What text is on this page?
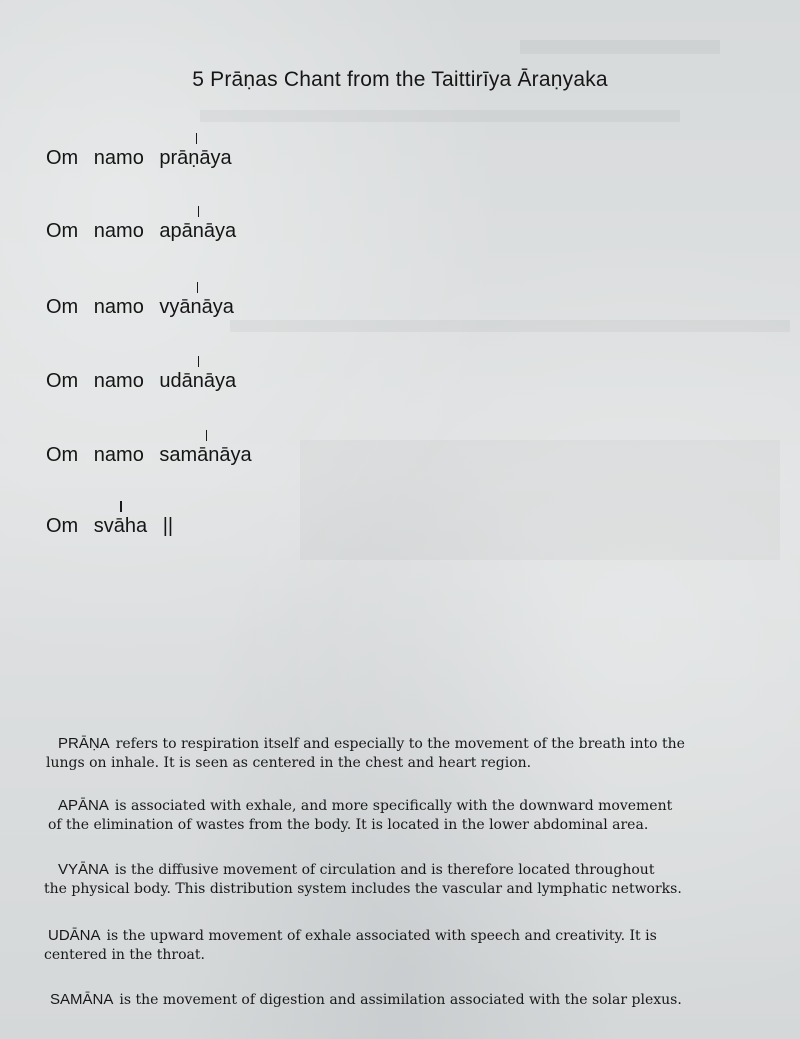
5 Prāṇas Chant from the Taittirīya Āraṇyaka
Om namo prāṇāya
Om namo apānāya
Om namo vyānāya
Om namo udānāya
Om namo samānāya
Om svāha ||
PRĀṆA refers to respiration itself and especially to the movement of the breath into the
lungs on inhale. It is seen as centered in the chest and heart region.
APĀNA is associated with exhale, and more specifically with the downward movement
of the elimination of wastes from the body. It is located in the lower abdominal area.
VYĀNA is the diffusive movement of circulation and is therefore located throughout
the physical body. This distribution system includes the vascular and lymphatic networks.
UDĀNA is the upward movement of exhale associated with speech and creativity. It is
centered in the throat.
SAMĀNA is the movement of digestion and assimilation associated with the solar plexus.
